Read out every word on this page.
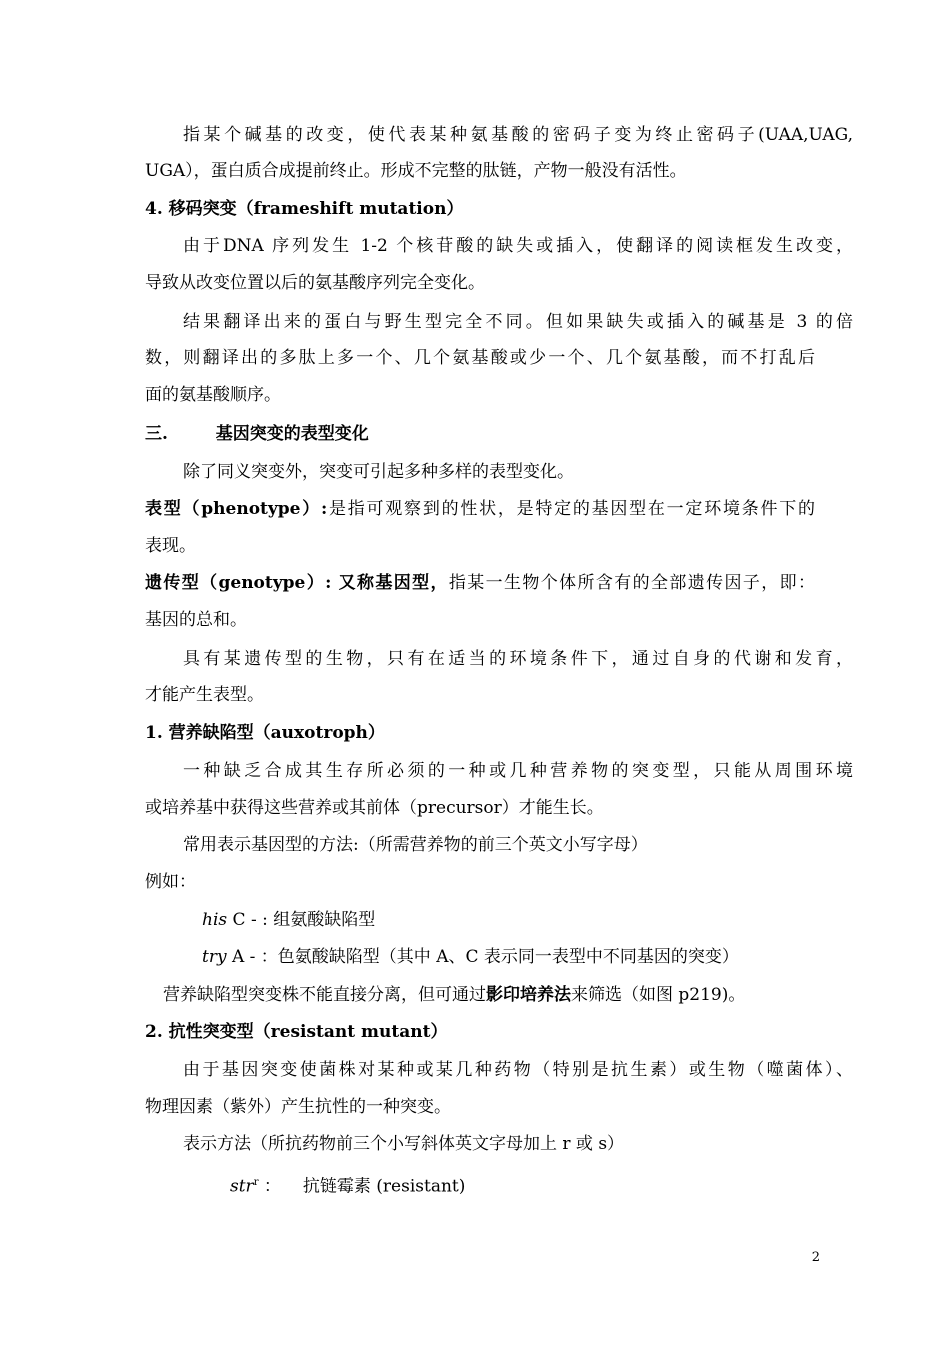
指某个碱基的改变，使代表某种氨基酸的密码子变为终止密码子(UAA,UAG,
UGA），蛋白质合成提前终止。形成不完整的肽链，产物一般没有活性。
4. 移码突变（frameshift mutation）
由于DNA 序列发生 1-2 个核苷酸的缺失或插入，使翻译的阅读框发生改变，
导致从改变位置以后的氨基酸序列完全变化。
结果翻译出来的蛋白与野生型完全不同。但如果缺失或插入的碱基是 3 的倍
数，则翻译出的多肽上多一个、几个氨基酸或少一个、几个氨基酸，而不打乱后
面的氨基酸顺序。
三.	基因突变的表型变化
除了同义突变外，突变可引起多种多样的表型变化。
表型（phenotype）:是指可观察到的性状，是特定的基因型在一定环境条件下的
表现。
遗传型（genotype）: 又称基因型，指某一生物个体所含有的全部遗传因子，即：
基因的总和。
具有某遗传型的生物，只有在适当的环境条件下，通过自身的代谢和发育，
才能产生表型。
1. 营养缺陷型（auxotroph）
一种缺乏合成其生存所必须的一种或几种营养物的突变型，只能从周围环境
或培养基中获得这些营养或其前体（precursor）才能生长。
常用表示基因型的方法:（所需营养物的前三个英文小写字母）
例如：
his C - : 组氨酸缺陷型
try A - ：色氨酸缺陷型（其中 A、C 表示同一表型中不同基因的突变）
营养缺陷型突变株不能直接分离，但可通过影印培养法来筛选（如图 p219)。
2. 抗性突变型（resistant mutant）
由于基因突变使菌株对某种或某几种药物（特别是抗生素）或生物（噬菌体）、
物理因素（紫外）产生抗性的一种突变。
表示方法（所抗药物前三个小写斜体英文字母加上 r 或 s）
str$^r$ ： 抗链霉素 (resistant)
2
